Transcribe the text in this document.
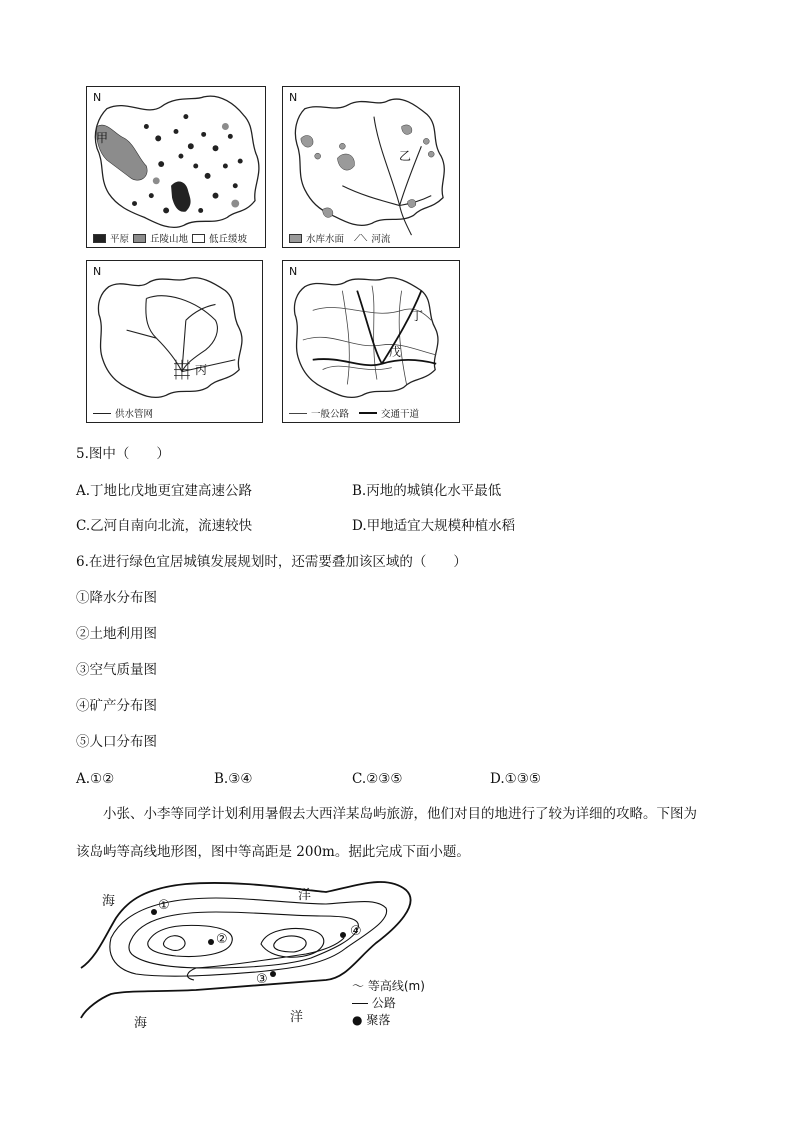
N
甲
平原 丘陵山地 低丘缓坡
N
乙
水库水面 ⟋⟍ 河流
N
丙
供水管网
N
丁
戊
一般公路	交通干道
5.图中（　　）
A.丁地比戊地更宜建高速公路	B.丙地的城镇化水平最低
C.乙河自南向北流，流速较快	D.甲地适宜大规模种植水稻
6.在进行绿色宜居城镇发展规划时，还需要叠加该区域的（　　）
①降水分布图
②土地利用图
③空气质量图
④矿产分布图
⑤人口分布图
A.①②	B.③④	C.②③⑤	D.①③⑤
小张、小李等同学计划利用暑假去大西洋某岛屿旅游，他们对目的地进行了较为详细的攻略。下图为
该岛屿等高线地形图，图中等高距是 200m。据此完成下面小题。
海	洋
海	洋
①
②
③
④
〜 等高线(m)
公路
● 聚落
